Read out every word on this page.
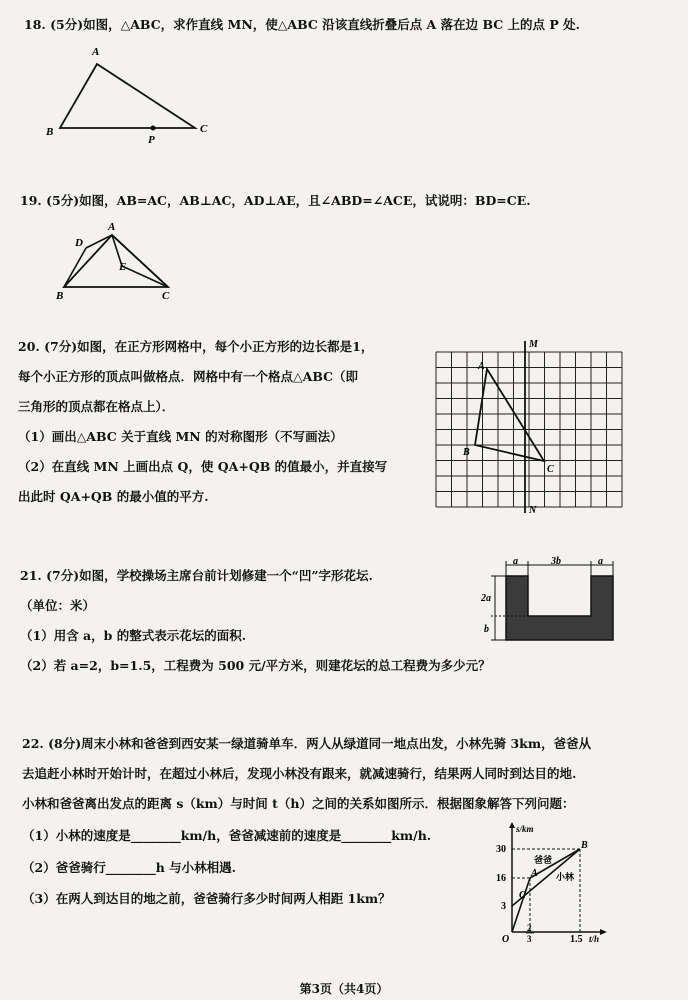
18. (5分)如图，△ABC，求作直线 MN，使△ABC 沿该直线折叠后点 A 落在边 BC 上的点 P 处.
A
B	C
P
19. (5分)如图，AB=AC，AB⊥AC，AD⊥AE，且∠ABD=∠ACE，试说明：BD=CE.
A
D
E
B	C
20. (7分)如图，在正方形网格中，每个小正方形的边长都是1，
每个小正方形的顶点叫做格点．网格中有一个格点△ABC（即
三角形的顶点都在格点上）．
（1）画出△ABC 关于直线 MN 的对称图形（不写画法）
（2）在直线 MN 上画出点 Q，使 QA+QB 的值最小，并直接写
出此时 QA+QB 的最小值的平方.
M
N
A
B
C
21. (7分)如图，学校操场主席台前计划修建一个“凹”字形花坛.
（单位：米）
（1）用含 a，b 的整式表示花坛的面积.
（2）若 a=2，b=1.5，工程费为 500 元/平方米，则建花坛的总工程费为多少元？
a	3b	a
2a
b
22. (8分)周末小林和爸爸到西安某一绿道骑单车．两人从绿道同一地点出发，小林先骑 3km，爸爸从
去追赶小林时开始计时，在超过小林后，发现小林没有跟来，就减速骑行，结果两人同时到达目的地.
小林和爸爸离出发点的距离 s（km）与时间 t（h）之间的关系如图所示．根据图象解答下列问题：
（1）小林的速度是________km/h，爸爸减速前的速度是________km/h.
（2）爸爸骑行________h 与小林相遇.
（3）在两人到达目的地之前，爸爸骑行多少时间两人相距 1km？
s/km
t/h
30
16
3
O
2
3	1.5
B
C
A
爸爸
小林
第3页（共4页）
